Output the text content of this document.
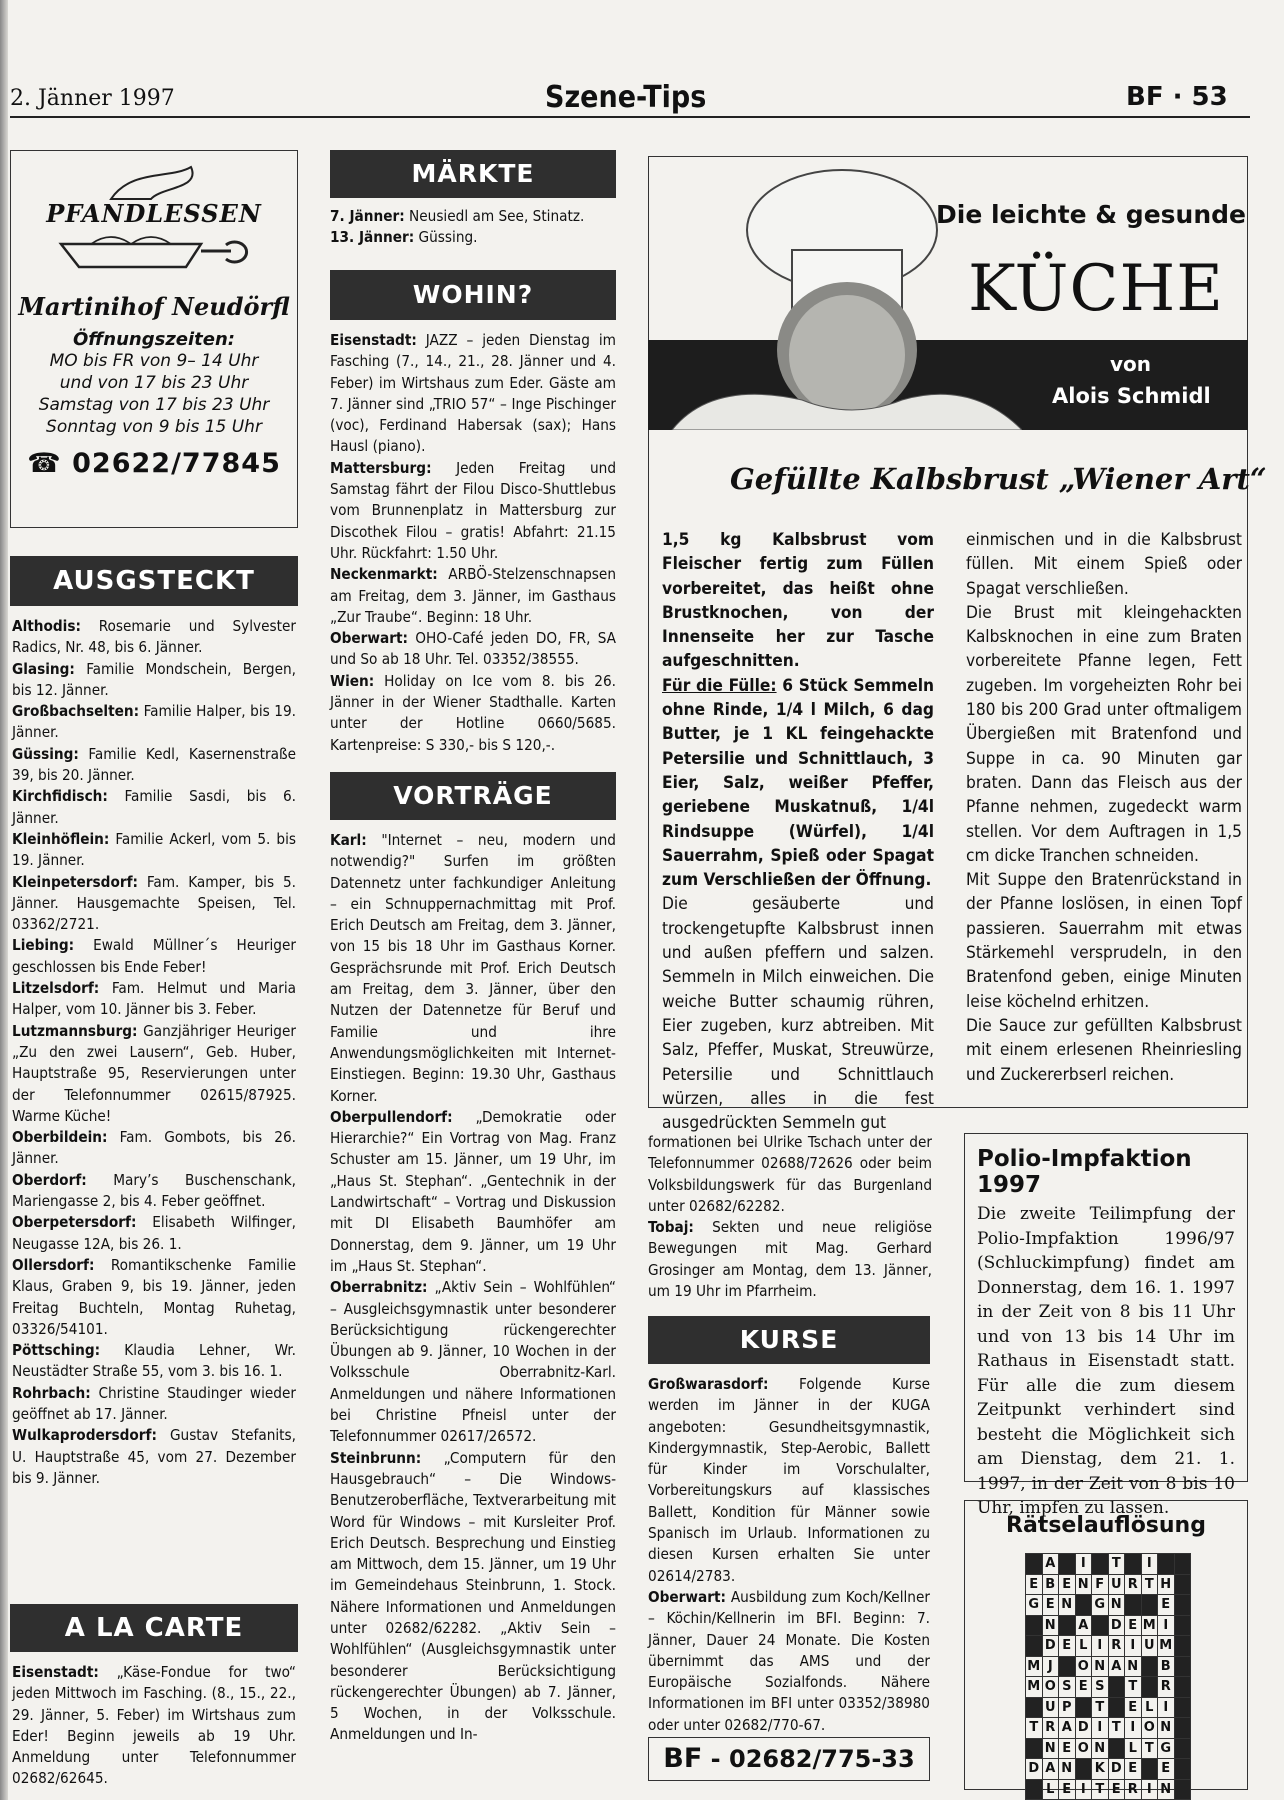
2. Jänner 1997	Szene-Tips	BF · 53
PFANDLESSEN
Martinihof Neudörfl
Öffnungszeiten:
MO bis FR von 9– 14 Uhr
und von 17 bis 23 Uhr
Samstag von 17 bis 23 Uhr
Sonntag von 9 bis 15 Uhr
☎ 02622/77845
AUSGSTECKT

Althodis: Rosemarie und Sylvester Radics, Nr. 48, bis 6. Jänner.

Glasing: Familie Mondschein, Bergen, bis 12. Jänner.

Großbachselten: Familie Halper, bis 19. Jänner.

Güssing: Familie Kedl, Kasernenstraße 39, bis 20. Jänner.

Kirchfidisch: Familie Sasdi, bis 6. Jänner.

Kleinhöflein: Familie Ackerl, vom 5. bis 19. Jänner.

Kleinpetersdorf: Fam. Kamper, bis 5. Jänner. Hausgemachte Speisen, Tel. 03362/2721.

Liebing: Ewald Müllner´s Heuriger geschlossen bis Ende Feber!

Litzelsdorf: Fam. Helmut und Maria Halper, vom 10. Jänner bis 3. Feber.

Lutzmannsburg: Ganzjähriger Heuriger „Zu den zwei Lausern“, Geb. Huber, Hauptstraße 95, Reservierungen unter der Telefonnummer 02615/87925. Warme Küche!

Oberbildein: Fam. Gombots, bis 26. Jänner.

Oberdorf: Mary’s Buschenschank, Mariengasse 2, bis 4. Feber geöffnet.

Oberpetersdorf: Elisabeth Wilfinger, Neugasse 12A, bis 26. 1.

Ollersdorf: Romantikschenke Familie Klaus, Graben 9, bis 19. Jänner, jeden Freitag Buchteln, Montag Ruhetag, 03326/54101.

Pöttsching: Klaudia Lehner, Wr. Neustädter Straße 55, vom 3. bis 16. 1.

Rohrbach: Christine Staudinger wieder geöffnet ab 17. Jänner.

Wulkaprodersdorf: Gustav Stefanits, U. Hauptstraße 45, vom 27. Dezember bis 9. Jänner.

A LA CARTE

Eisenstadt: „Käse-Fondue for two“ jeden Mittwoch im Fasching. (8., 15., 22., 29. Jänner, 5. Feber) im Wirtshaus zum Eder! Beginn jeweils ab 19 Uhr. Anmeldung unter Telefonnummer 02682/62645.

MÄRKTE

7. Jänner: Neusiedl am See, Stinatz.

13. Jänner: Güssing.

WOHIN?

Eisenstadt: JAZZ – jeden Dienstag im Fasching (7., 14., 21., 28. Jänner und 4. Feber) im Wirtshaus zum Eder. Gäste am 7. Jänner sind „TRIO 57“ – Inge Pischinger (voc), Ferdinand Habersak (sax); Hans Hausl (piano).

Mattersburg: Jeden Freitag und Samstag fährt der Filou Disco-Shuttlebus vom Brunnenplatz in Mattersburg zur Discothek Filou – gratis! Abfahrt: 21.15 Uhr. Rückfahrt: 1.50 Uhr.

Neckenmarkt: ARBÖ-Stelzenschnapsen am Freitag, dem 3. Jänner, im Gasthaus „Zur Traube“. Beginn: 18 Uhr.

Oberwart: OHO-Café jeden DO, FR, SA und So ab 18 Uhr. Tel. 03352/38555.

Wien: Holiday on Ice vom 8. bis 26. Jänner in der Wiener Stadthalle. Karten unter der Hotline 0660/5685. Kartenpreise: S 330,- bis S 120,-.

VORTRÄGE

Karl: "Internet – neu, modern und notwendig?" Surfen im größten Datennetz unter fachkundiger Anleitung – ein Schnuppernachmittag mit Prof. Erich Deutsch am Freitag, dem 3. Jänner, von 15 bis 18 Uhr im Gasthaus Korner. Gesprächsrunde mit Prof. Erich Deutsch am Freitag, dem 3. Jänner, über den Nutzen der Datennetze für Beruf und Familie und ihre Anwendungsmöglichkeiten mit Internet-Einstiegen. Beginn: 19.30 Uhr, Gasthaus Korner.

Oberpullendorf: „Demokratie oder Hierarchie?“ Ein Vortrag von Mag. Franz Schuster am 15. Jänner, um 19 Uhr, im „Haus St. Stephan“. „Gentechnik in der Landwirtschaft“ – Vortrag und Diskussion mit DI Elisabeth Baumhöfer am Donnerstag, dem 9. Jänner, um 19 Uhr im „Haus St. Stephan“.

Oberrabnitz: „Aktiv Sein – Wohlfühlen“ – Ausgleichsgymnastik unter besonderer Berücksichtigung rückengerechter Übungen ab 9. Jänner, 10 Wochen in der Volksschule Oberrabnitz-Karl. Anmeldungen und nähere Informationen bei Christine Pfneisl unter der Telefonnummer 02617/26572.

Steinbrunn: „Computern für den Hausgebrauch“ – Die Windows-Benutzeroberfläche, Textverarbeitung mit Word für Windows – mit Kursleiter Prof. Erich Deutsch. Besprechung und Einstieg am Mittwoch, dem 15. Jänner, um 19 Uhr im Gemeindehaus Steinbrunn, 1. Stock. Nähere Informationen und Anmeldungen unter 02682/62282. „Aktiv Sein – Wohlfühlen“ (Ausgleichsgymnastik unter besonderer Berücksichtigung rückengerechter Übungen) ab 7. Jänner, 5 Wochen, in der Volksschule. Anmeldungen und In-

formationen bei Ulrike Tschach unter der Telefonnummer 02688/72626 oder beim Volksbildungswerk für das Burgenland unter 02682/62282.

Tobaj: Sekten und neue religiöse Bewegungen mit Mag. Gerhard Grosinger am Montag, dem 13. Jänner, um 19 Uhr im Pfarrheim.

KURSE

Großwarasdorf: Folgende Kurse werden im Jänner in der KUGA angeboten: Gesundheitsgymnastik, Kindergymnastik, Step-Aerobic, Ballett für Kinder im Vorschulalter, Vorbereitungskurs auf klassisches Ballett, Kondition für Männer sowie Spanisch im Urlaub. Informationen zu diesen Kursen erhalten Sie unter 02614/2783.

Oberwart: Ausbildung zum Koch/Kellner – Köchin/Kellnerin im BFI. Beginn: 7. Jänner, Dauer 24 Monate. Die Kosten übernimmt das AMS und der Europäische Sozialfonds. Nähere Informationen im BFI unter 03352/38980 oder unter 02682/770-67.

BF - 02682/775-33
Die leichte & gesunde
KÜCHE
von
Alois Schmidl
Gefüllte Kalbsbrust „Wiener Art“

1,5 kg Kalbsbrust vom Fleischer fertig zum Füllen vorbereitet, das heißt ohne Brustknochen, von der Innenseite her zur Tasche aufgeschnitten.

Für die Fülle: 6 Stück Semmeln ohne Rinde, 1/4 l Milch, 6 dag Butter, je 1 KL feingehackte Petersilie und Schnittlauch, 3 Eier, Salz, weißer Pfeffer, geriebene Muskatnuß, 1/4l Rindsuppe (Würfel), 1/4l Sauerrahm, Spieß oder Spagat zum Verschließen der Öffnung.

Die gesäuberte und trockengetupfte Kalbsbrust innen und außen pfeffern und salzen. Semmeln in Milch einweichen. Die weiche Butter schaumig rühren, Eier zugeben, kurz abtreiben. Mit Salz, Pfeffer, Muskat, Streuwürze, Petersilie und Schnittlauch würzen, alles in die fest ausgedrückten Semmeln gut

einmischen und in die Kalbsbrust füllen. Mit einem Spieß oder Spagat verschließen.

Die Brust mit kleingehackten Kalbsknochen in eine zum Braten vorbereitete Pfanne legen, Fett zugeben. Im vorgeheizten Rohr bei 180 bis 200 Grad unter oftmaligem Übergießen mit Bratenfond und Suppe in ca. 90 Minuten gar braten. Dann das Fleisch aus der Pfanne nehmen, zugedeckt warm stellen. Vor dem Auftragen in 1,5 cm dicke Tranchen schneiden.

Mit Suppe den Bratenrückstand in der Pfanne loslösen, in einen Topf passieren. Sauerrahm mit etwas Stärkemehl versprudeln, in den Bratenfond geben, einige Minuten leise köchelnd erhitzen.

Die Sauce zur gefüllten Kalbsbrust mit einem erlesenen Rheinriesling und Zuckererbserl reichen.

Polio-Impfaktion 1997
Die zweite Teilimpfung der Polio-Impfaktion 1996/97 (Schluckimpfung) findet am Donnerstag, dem 16. 1. 1997 in der Zeit von 8 bis 11 Uhr und von 13 bis 14 Uhr im Rathaus in Eisenstadt statt. Für alle die zum diesem Zeitpunkt verhindert sind besteht die Möglichkeit sich am Dienstag, dem 21. 1. 1997, in der Zeit von 8 bis 10 Uhr, impfen zu lassen.
Rätselauflösung
	A		I		T		I		
E	B	E	N	F	U	R	T	H	
G	E	N		G	N			E	
	N		A		D	E	M	I	
	D	E	L	I	R	I	U	M	
M	J		O	N	A	N		B	
M	O	S	E	S		T		R	
	U	P		T		E	L	I	
T	R	A	D	I	T	I	O	N	
	N	E	O	N		L	T	G	
D	A	N		K	D	E		E	
	L	E	I	T	E	R	I	N	
